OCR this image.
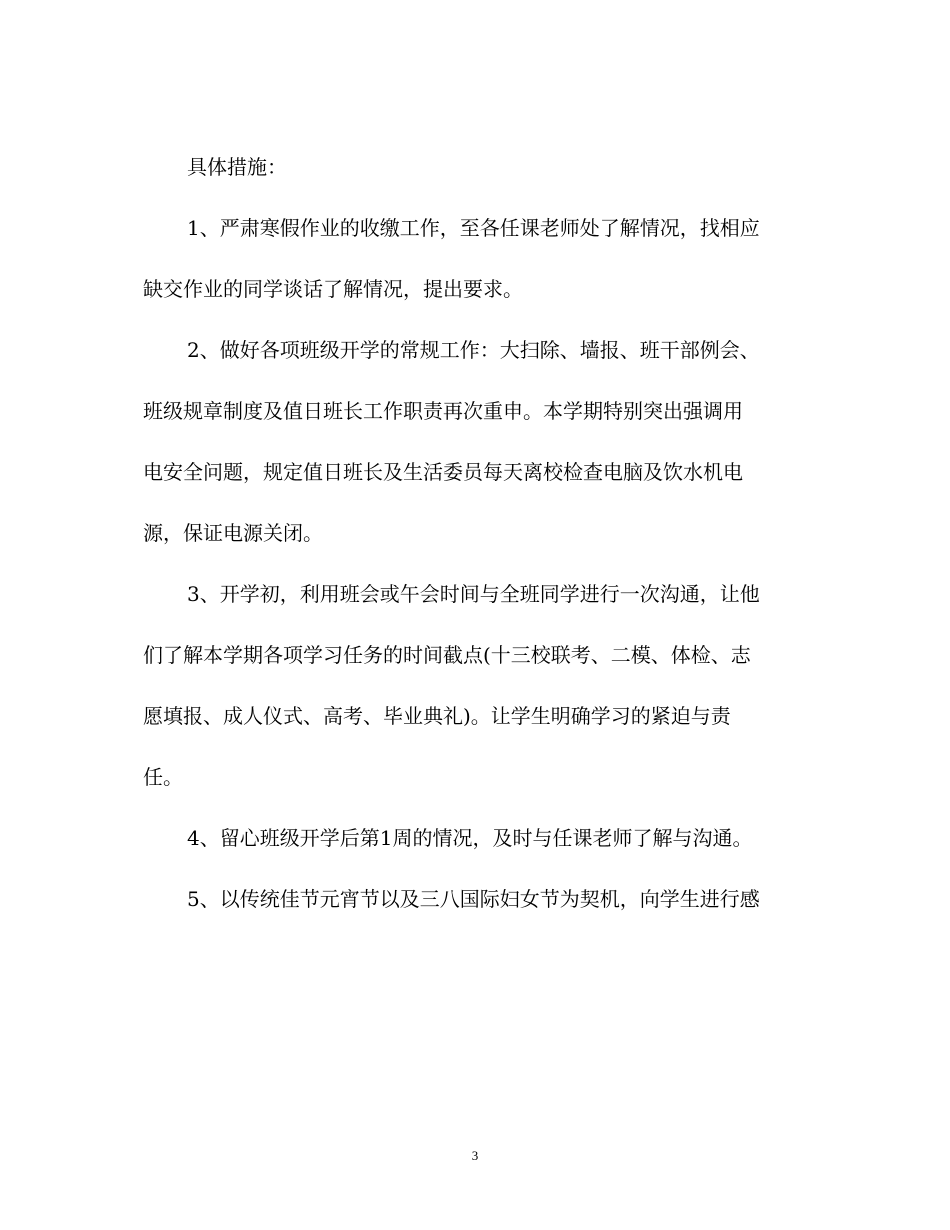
具体措施：
1、严肃寒假作业的收缴工作，至各任课老师处了解情况，找相应
缺交作业的同学谈话了解情况，提出要求。
2、做好各项班级开学的常规工作：大扫除、墙报、班干部例会、
班级规章制度及值日班长工作职责再次重申。本学期特别突出强调用
电安全问题，规定值日班长及生活委员每天离校检查电脑及饮水机电
源，保证电源关闭。
3、开学初，利用班会或午会时间与全班同学进行一次沟通，让他
们了解本学期各项学习任务的时间截点(十三校联考、二模、体检、志
愿填报、成人仪式、高考、毕业典礼)。让学生明确学习的紧迫与责
任。
4、留心班级开学后第1周的情况，及时与任课老师了解与沟通。
5、以传统佳节元宵节以及三八国际妇女节为契机，向学生进行感
3
